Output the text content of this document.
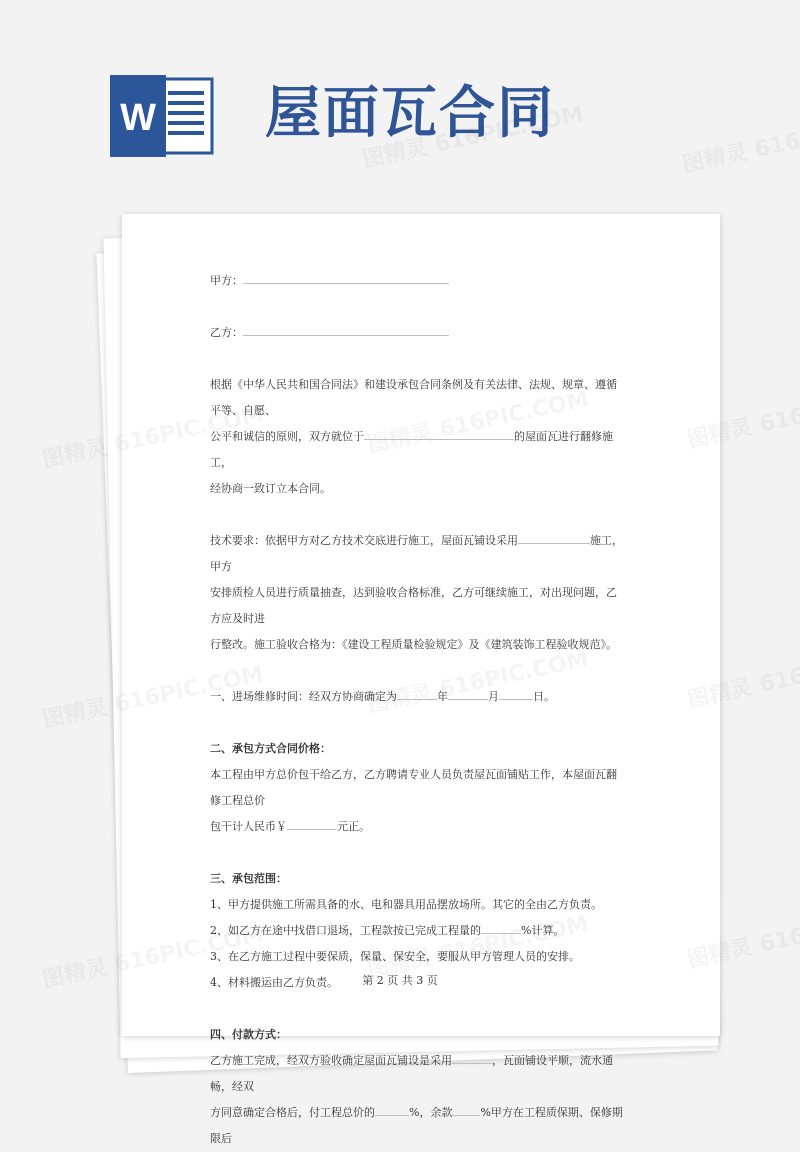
W 屋面瓦合同

甲方：

乙方：

根据《中华人民共和国合同法》和建设承包合同条例及有关法律、法规、规章、遵循平等、自愿、

公平和诚信的原则，双方就位于	的屋面瓦进行翻修施工，

经协商一致订立本合同。

技术要求：依据甲方对乙方技术交底进行施工，屋面瓦铺设采用	施工，甲方

安排质检人员进行质量抽查，达到验收合格标准，乙方可继续施工，对出现问题，乙方应及时进

行整改。施工验收合格为：《建设工程质量检验规定》及《建筑装饰工程验收规范》。

一、进场维修时间：经双方协商确定为	年	月	日。

二、承包方式合同价格：

本工程由甲方总价包干给乙方，乙方聘请专业人员负责屋瓦面铺贴工作，本屋面瓦翻修工程总价

包干计人民币￥	元正。

三、承包范围：

1、甲方提供施工所需具备的水、电和器具用品摆放场所。其它的全由乙方负责。

2、如乙方在途中找借口退场，工程款按已完成工程量的	%计算。

3、在乙方施工过程中要保质，保量、保安全，要服从甲方管理人员的安排。

4、材料搬运由乙方负责。

四、付款方式：

乙方施工完成，经双方验收确定屋面瓦铺设是采用	，瓦面铺设平顺，流水通畅，经双

方同意确定合格后，付工程总价的	%，余款	%甲方在工程质保期、保修期限后

第 2 页 共 3 页
